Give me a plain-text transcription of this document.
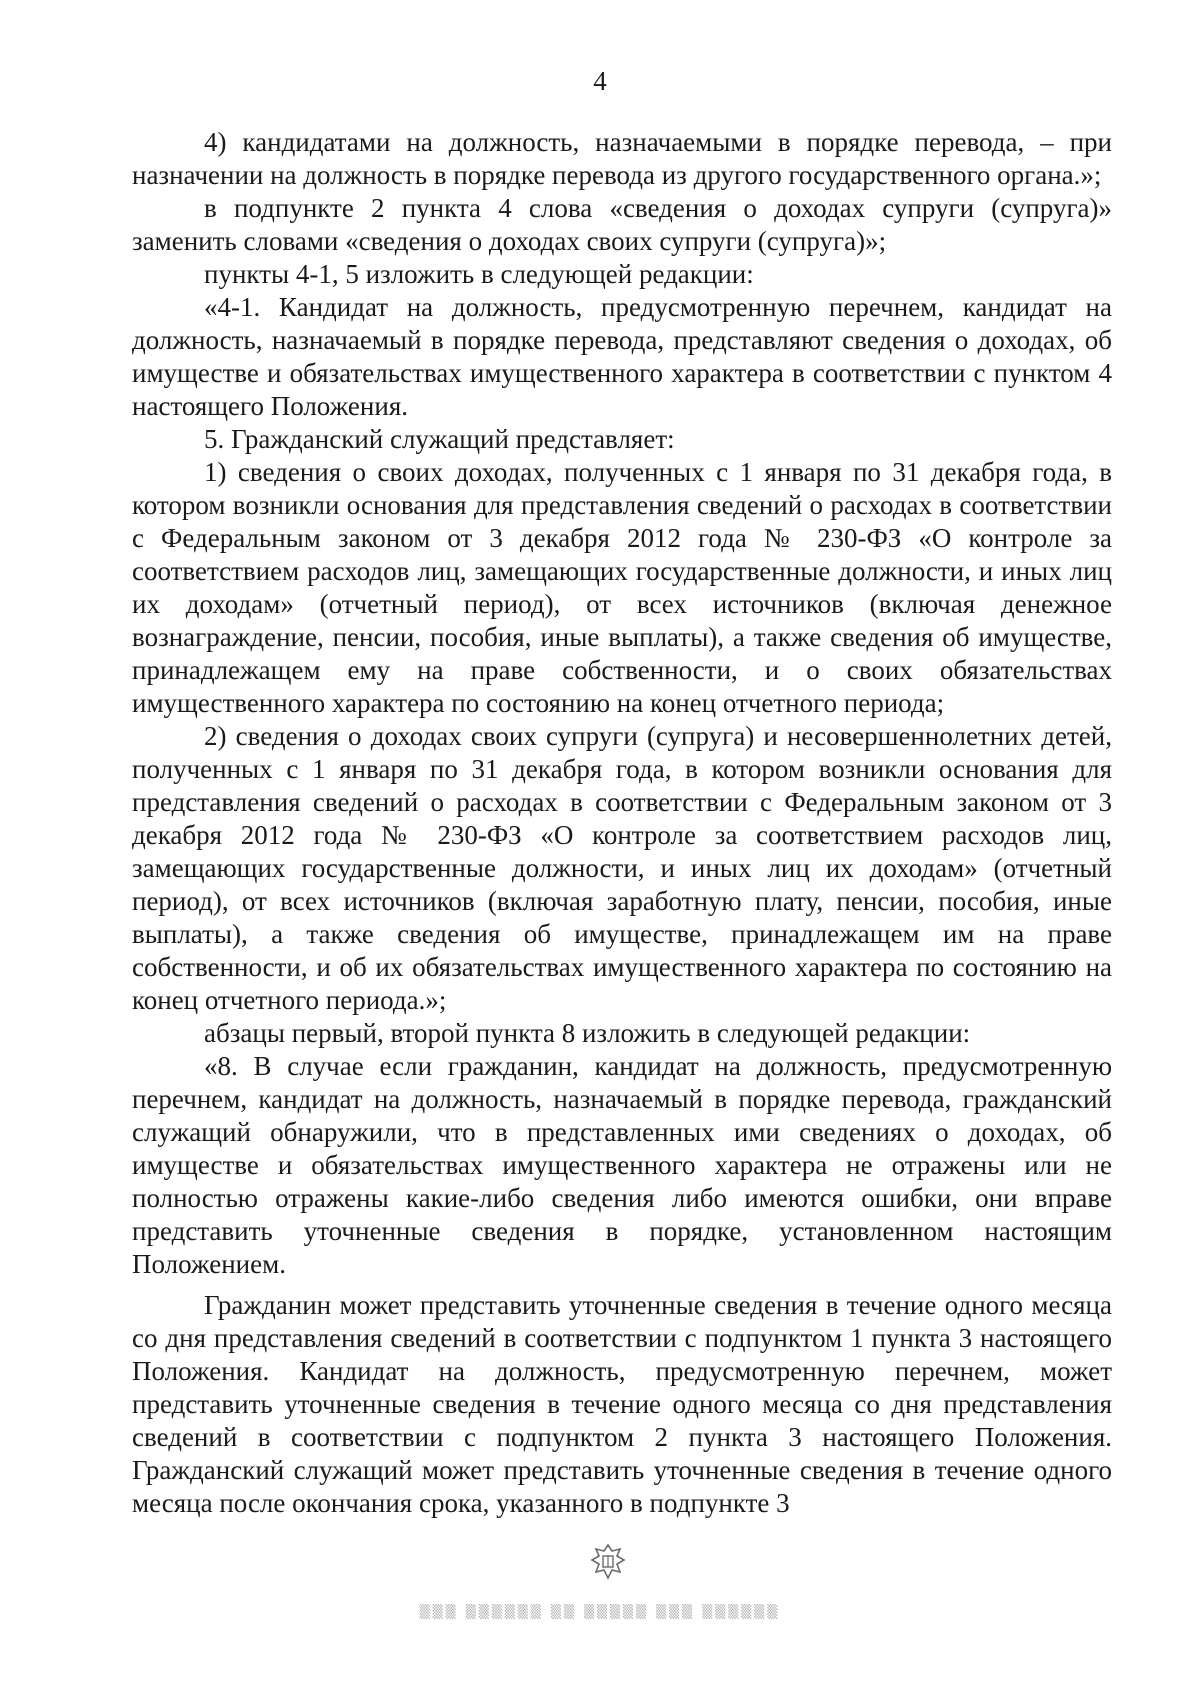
4

4) кандидатами на должность, назначаемыми в порядке перевода, – при назначении на должность в порядке перевода из другого государственного органа.»;

в подпункте 2 пункта 4 слова «сведения о доходах супруги (супруга)» заменить словами «сведения о доходах своих супруги (супруга)»;

пункты 4-1, 5 изложить в следующей редакции:

«4-1. Кандидат на должность, предусмотренную перечнем, кандидат на должность, назначаемый в порядке перевода, представляют сведения о доходах, об имуществе и обязательствах имущественного характера в соответствии с пунктом 4 настоящего Положения.

5. Гражданский служащий представляет:

1) сведения о своих доходах, полученных с 1 января по 31 декабря года, в котором возникли основания для представления сведений о расходах в соответствии с Федеральным законом от 3 декабря 2012 года № 230-ФЗ «О контроле за соответствием расходов лиц, замещающих государственные должности, и иных лиц их доходам» (отчетный период), от всех источников (включая денежное вознаграждение, пенсии, пособия, иные выплаты), а также сведения об имуществе, принадлежащем ему на праве собственности, и о своих обязательствах имущественного характера по состоянию на конец отчетного периода;

2) сведения о доходах своих супруги (супруга) и несовершеннолетних детей, полученных с 1 января по 31 декабря года, в котором возникли основания для представления сведений о расходах в соответствии с Федеральным законом от 3 декабря 2012 года № 230-ФЗ «О контроле за соответствием расходов лиц, замещающих государственные должности, и иных лиц их доходам» (отчетный период), от всех источников (включая заработную плату, пенсии, пособия, иные выплаты), а также сведения об имуществе, принадлежащем им на праве собственности, и об их обязательствах имущественного характера по состоянию на конец отчетного периода.»;

абзацы первый, второй пункта 8 изложить в следующей редакции:

«8. В случае если гражданин, кандидат на должность, предусмотренную перечнем, кандидат на должность, назначаемый в порядке перевода, гражданский служащий обнаружили, что в представленных ими сведениях о доходах, об имуществе и обязательствах имущественного характера не отражены или не полностью отражены какие-либо сведения либо имеются ошибки, они вправе представить уточненные сведения в порядке, установленном настоящим Положением.

Гражданин может представить уточненные сведения в течение одного месяца со дня представления сведений в соответствии с подпунктом 1 пункта 3 настоящего Положения. Кандидат на должность, предусмотренную перечнем, может представить уточненные сведения в течение одного месяца со дня представления сведений в соответствии с подпунктом 2 пункта 3 настоящего Положения. Гражданский служащий может представить уточненные сведения в течение одного месяца после окончания срока, указанного в подпункте 3

▒▒▒ ▒▒▒▒▒▒ ▒▒ ▒▒▒▒▒ ▒▒▒ ▒▒▒▒▒▒
